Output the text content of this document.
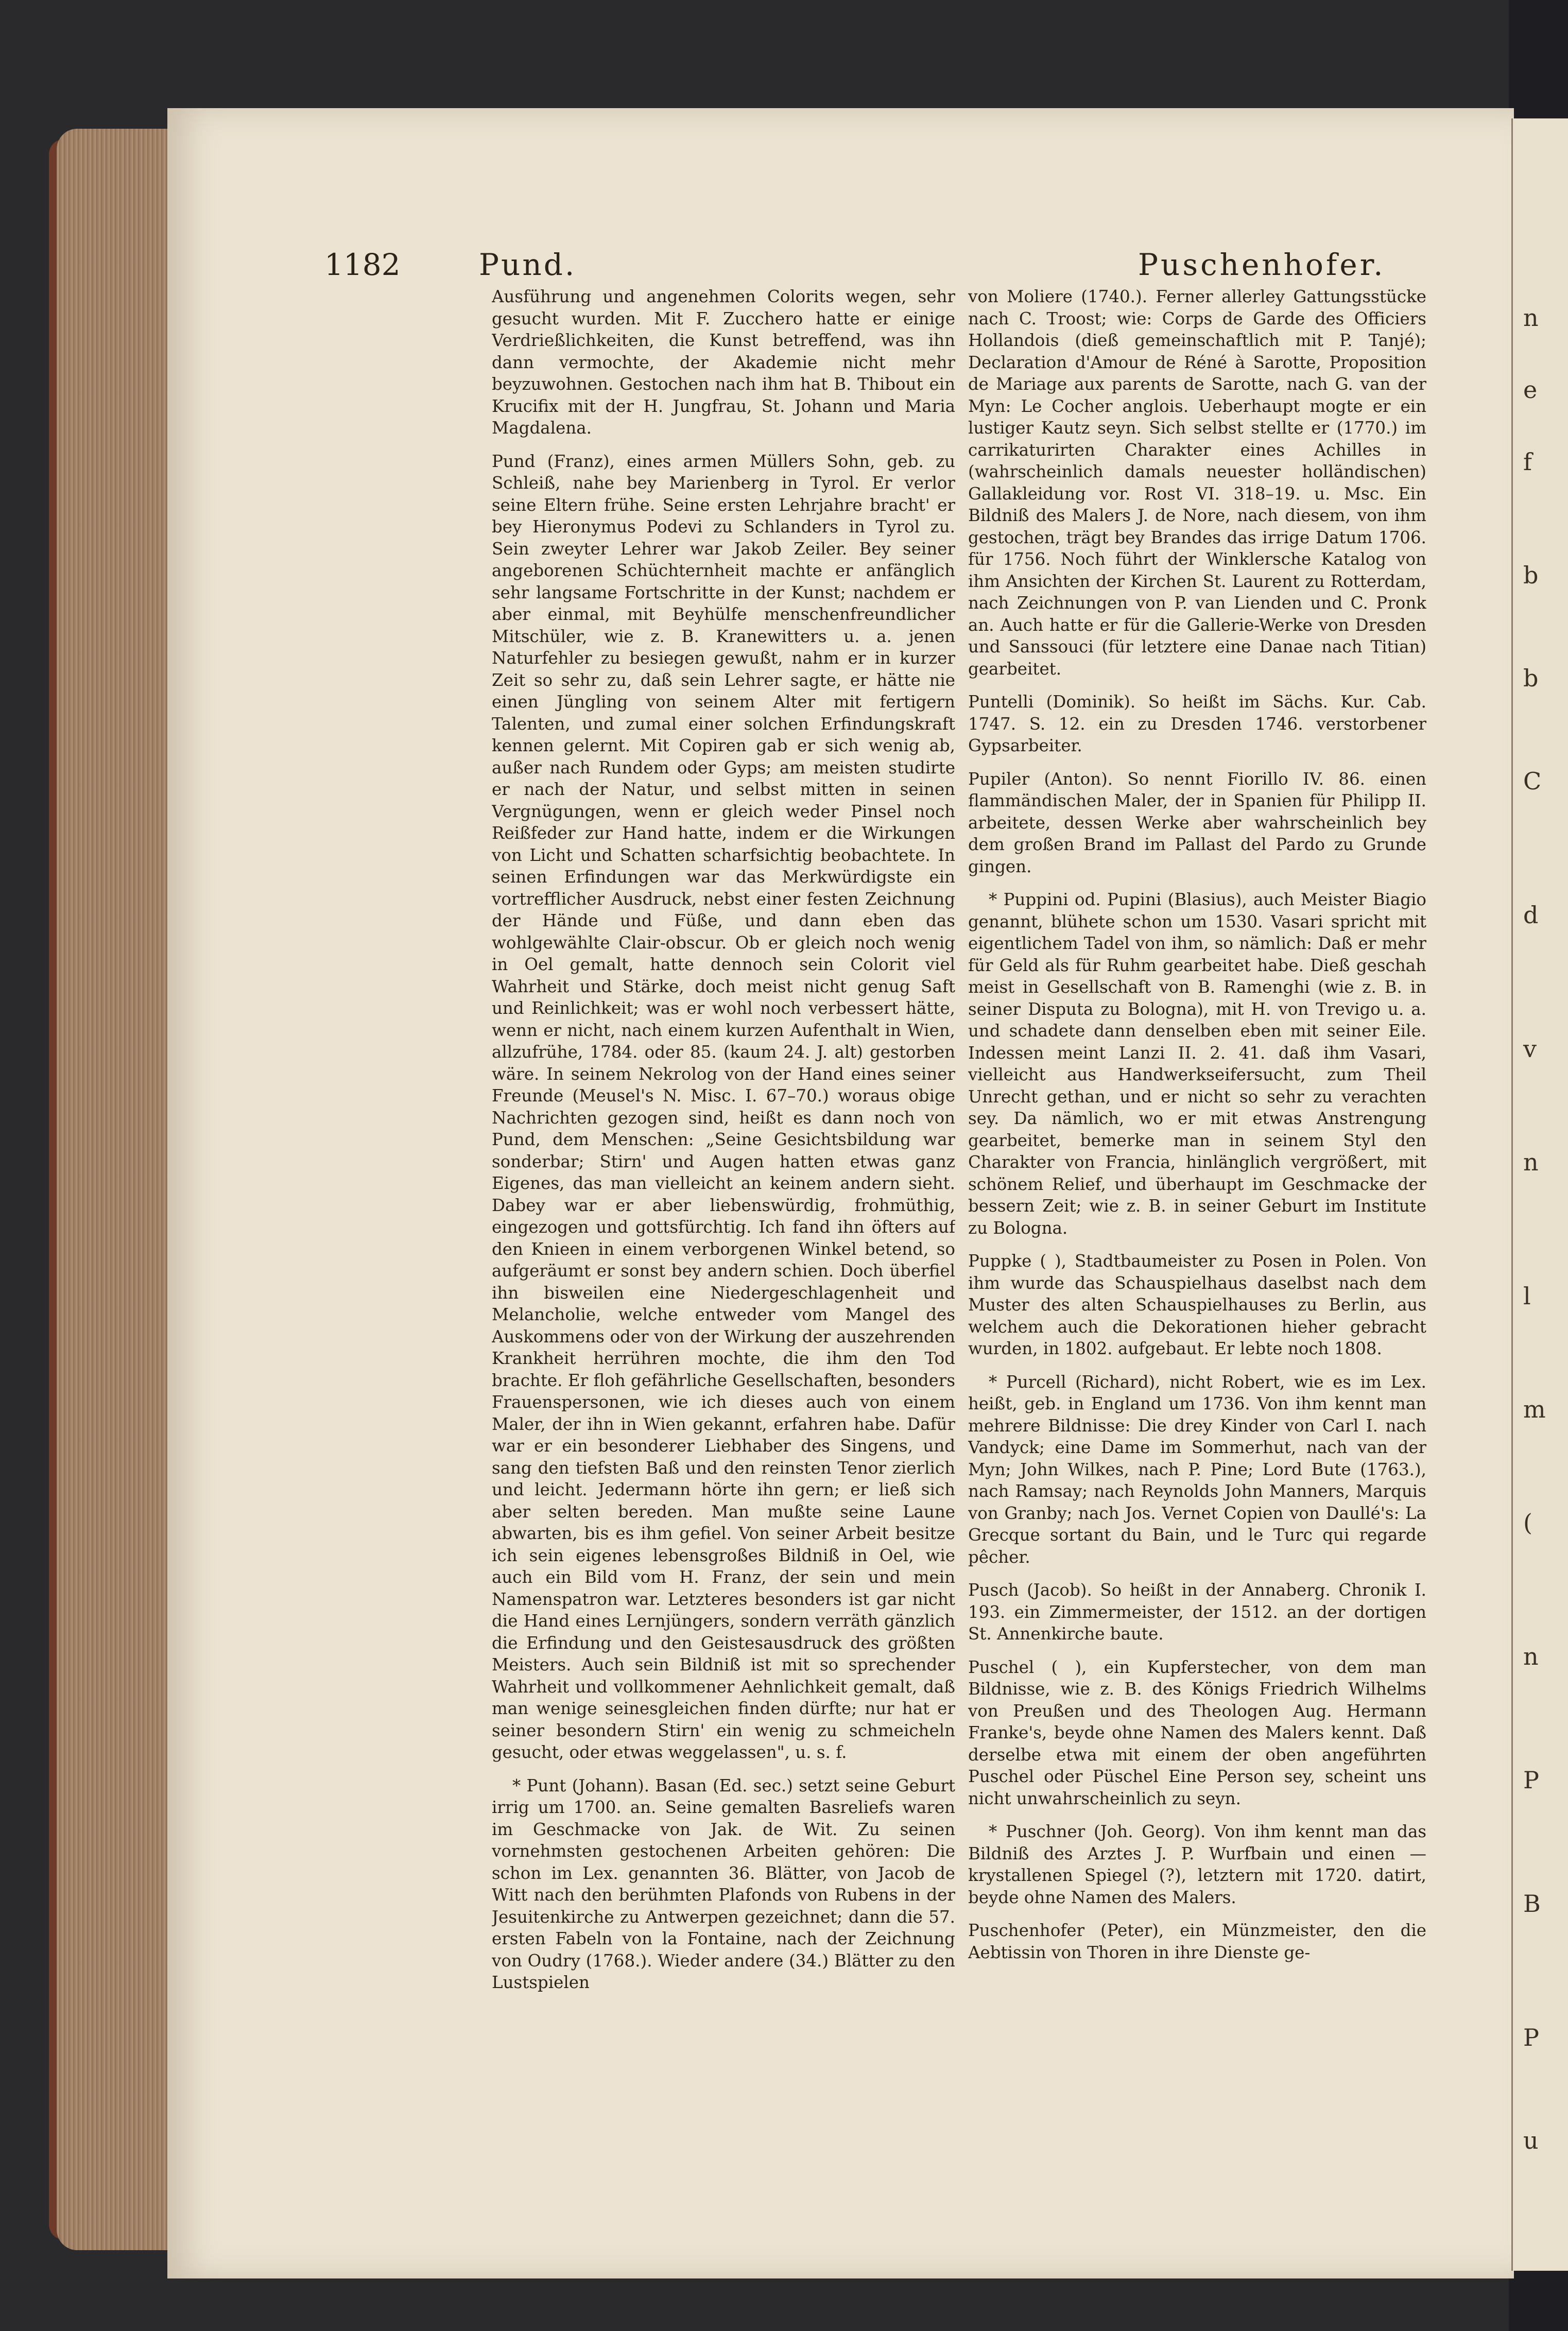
n
e
f
b
b
C
d
v
n
l
m
(
n
P
B
P
u
1182	Pund.	Puschenhofer.

Ausführung und angenehmen Colorits wegen, sehr gesucht wurden. Mit F. Zucchero hatte er einige Verdrießlichkeiten, die Kunst betreffend, was ihn dann vermochte, der Akademie nicht mehr beyzuwohnen. Gestochen nach ihm hat B. Thibout ein Krucifix mit der H. Jungfrau, St. Johann und Maria Magdalena.

Pund (Franz), eines armen Müllers Sohn, geb. zu Schleiß, nahe bey Marienberg in Tyrol. Er verlor seine Eltern frühe. Seine ersten Lehrjahre bracht' er bey Hieronymus Podevi zu Schlanders in Tyrol zu. Sein zweyter Lehrer war Jakob Zeiler. Bey seiner angeborenen Schüchternheit machte er anfänglich sehr langsame Fortschritte in der Kunst; nachdem er aber einmal, mit Beyhülfe menschenfreundlicher Mitschüler, wie z. B. Kranewitters u. a. jenen Naturfehler zu besiegen gewußt, nahm er in kurzer Zeit so sehr zu, daß sein Lehrer sagte, er hätte nie einen Jüngling von seinem Alter mit fertigern Talenten, und zumal einer solchen Erfindungskraft kennen gelernt. Mit Copiren gab er sich wenig ab, außer nach Rundem oder Gyps; am meisten studirte er nach der Natur, und selbst mitten in seinen Vergnügungen, wenn er gleich weder Pinsel noch Reißfeder zur Hand hatte, indem er die Wirkungen von Licht und Schatten scharfsichtig beobachtete. In seinen Erfindungen war das Merkwürdigste ein vortrefflicher Ausdruck, nebst einer festen Zeichnung der Hände und Füße, und dann eben das wohlgewählte Clair-obscur. Ob er gleich noch wenig in Oel gemalt, hatte dennoch sein Colorit viel Wahrheit und Stärke, doch meist nicht genug Saft und Reinlichkeit; was er wohl noch verbessert hätte, wenn er nicht, nach einem kurzen Aufenthalt in Wien, allzufrühe, 1784. oder 85. (kaum 24. J. alt) gestorben wäre. In seinem Nekrolog von der Hand eines seiner Freunde (Meusel's N. Misc. I. 67–70.) woraus obige Nachrichten gezogen sind, heißt es dann noch von Pund, dem Menschen: „Seine Gesichtsbildung war sonderbar; Stirn' und Augen hatten etwas ganz Eigenes, das man vielleicht an keinem andern sieht. Dabey war er aber liebenswürdig, frohmüthig, eingezogen und gottsfürchtig. Ich fand ihn öfters auf den Knieen in einem verborgenen Winkel betend, so aufgeräumt er sonst bey andern schien. Doch überfiel ihn bisweilen eine Niedergeschlagenheit und Melancholie, welche entweder vom Mangel des Auskommens oder von der Wirkung der auszehrenden Krankheit herrühren mochte, die ihm den Tod brachte. Er floh gefährliche Gesellschaften, besonders Frauenspersonen, wie ich dieses auch von einem Maler, der ihn in Wien gekannt, erfahren habe. Dafür war er ein besonderer Liebhaber des Singens, und sang den tiefsten Baß und den reinsten Tenor zierlich und leicht. Jedermann hörte ihn gern; er ließ sich aber selten bereden. Man mußte seine Laune abwarten, bis es ihm gefiel. Von seiner Arbeit besitze ich sein eigenes lebensgroßes Bildniß in Oel, wie auch ein Bild vom H. Franz, der sein und mein Namenspatron war. Letzteres besonders ist gar nicht die Hand eines Lernjüngers, sondern verräth gänzlich die Erfindung und den Geistesausdruck des größten Meisters. Auch sein Bildniß ist mit so sprechender Wahrheit und vollkommener Aehnlichkeit gemalt, daß man wenige seinesgleichen finden dürfte; nur hat er seiner besondern Stirn' ein wenig zu schmeicheln gesucht, oder etwas weggelassen", u. s. f.

* Punt (Johann). Basan (Ed. sec.) setzt seine Geburt irrig um 1700. an. Seine gemalten Basreliefs waren im Geschmacke von Jak. de Wit. Zu seinen vornehmsten gestochenen Arbeiten gehören: Die schon im Lex. genannten 36. Blätter, von Jacob de Witt nach den berühmten Plafonds von Rubens in der Jesuitenkirche zu Antwerpen gezeichnet; dann die 57. ersten Fabeln von la Fontaine, nach der Zeichnung von Oudry (1768.). Wieder andere (34.) Blätter zu den Lustspielen

von Moliere (1740.). Ferner allerley Gattungsstücke nach C. Troost; wie: Corps de Garde des Officiers Hollandois (dieß gemeinschaftlich mit P. Tanjé); Declaration d'Amour de Réné à Sarotte, Proposition de Mariage aux parents de Sarotte, nach G. van der Myn: Le Cocher anglois. Ueberhaupt mogte er ein lustiger Kautz seyn. Sich selbst stellte er (1770.) im carrikaturirten Charakter eines Achilles in (wahrscheinlich damals neuester holländischen) Gallakleidung vor. Rost VI. 318–19. u. Msc. Ein Bildniß des Malers J. de Nore, nach diesem, von ihm gestochen, trägt bey Brandes das irrige Datum 1706. für 1756. Noch führt der Winklersche Katalog von ihm Ansichten der Kirchen St. Laurent zu Rotterdam, nach Zeichnungen von P. van Lienden und C. Pronk an. Auch hatte er für die Gallerie-Werke von Dresden und Sanssouci (für letztere eine Danae nach Titian) gearbeitet.

Puntelli (Dominik). So heißt im Sächs. Kur. Cab. 1747. S. 12. ein zu Dresden 1746. verstorbener Gypsarbeiter.

Pupiler (Anton). So nennt Fiorillo IV. 86. einen flammändischen Maler, der in Spanien für Philipp II. arbeitete, dessen Werke aber wahrscheinlich bey dem großen Brand im Pallast del Pardo zu Grunde gingen.

* Puppini od. Pupini (Blasius), auch Meister Biagio genannt, blühete schon um 1530. Vasari spricht mit eigentlichem Tadel von ihm, so nämlich: Daß er mehr für Geld als für Ruhm gearbeitet habe. Dieß geschah meist in Gesellschaft von B. Ramenghi (wie z. B. in seiner Disputa zu Bologna), mit H. von Trevigo u. a. und schadete dann denselben eben mit seiner Eile. Indessen meint Lanzi II. 2. 41. daß ihm Vasari, vielleicht aus Handwerkseifersucht, zum Theil Unrecht gethan, und er nicht so sehr zu verachten sey. Da nämlich, wo er mit etwas Anstrengung gearbeitet, bemerke man in seinem Styl den Charakter von Francia, hinlänglich vergrößert, mit schönem Relief, und überhaupt im Geschmacke der bessern Zeit; wie z. B. in seiner Geburt im Institute zu Bologna.

Puppke ( ), Stadtbaumeister zu Posen in Polen. Von ihm wurde das Schauspielhaus daselbst nach dem Muster des alten Schauspielhauses zu Berlin, aus welchem auch die Dekorationen hieher gebracht wurden, in 1802. aufgebaut. Er lebte noch 1808.

* Purcell (Richard), nicht Robert, wie es im Lex. heißt, geb. in England um 1736. Von ihm kennt man mehrere Bildnisse: Die drey Kinder von Carl I. nach Vandyck; eine Dame im Sommerhut, nach van der Myn; John Wilkes, nach P. Pine; Lord Bute (1763.), nach Ramsay; nach Reynolds John Manners, Marquis von Granby; nach Jos. Vernet Copien von Daullé's: La Grecque sortant du Bain, und le Turc qui regarde pêcher.

Pusch (Jacob). So heißt in der Annaberg. Chronik I. 193. ein Zimmermeister, der 1512. an der dortigen St. Annenkirche baute.

Puschel ( ), ein Kupferstecher, von dem man Bildnisse, wie z. B. des Königs Friedrich Wilhelms von Preußen und des Theologen Aug. Hermann Franke's, beyde ohne Namen des Malers kennt. Daß derselbe etwa mit einem der oben angeführten Puschel oder Püschel Eine Person sey, scheint uns nicht unwahrscheinlich zu seyn.

* Puschner (Joh. Georg). Von ihm kennt man das Bildniß des Arztes J. P. Wurfbain und einen — krystallenen Spiegel (?), letztern mit 1720. datirt, beyde ohne Namen des Malers.

Puschenhofer (Peter), ein Münzmeister, den die Aebtissin von Thoren in ihre Dienste ge-
